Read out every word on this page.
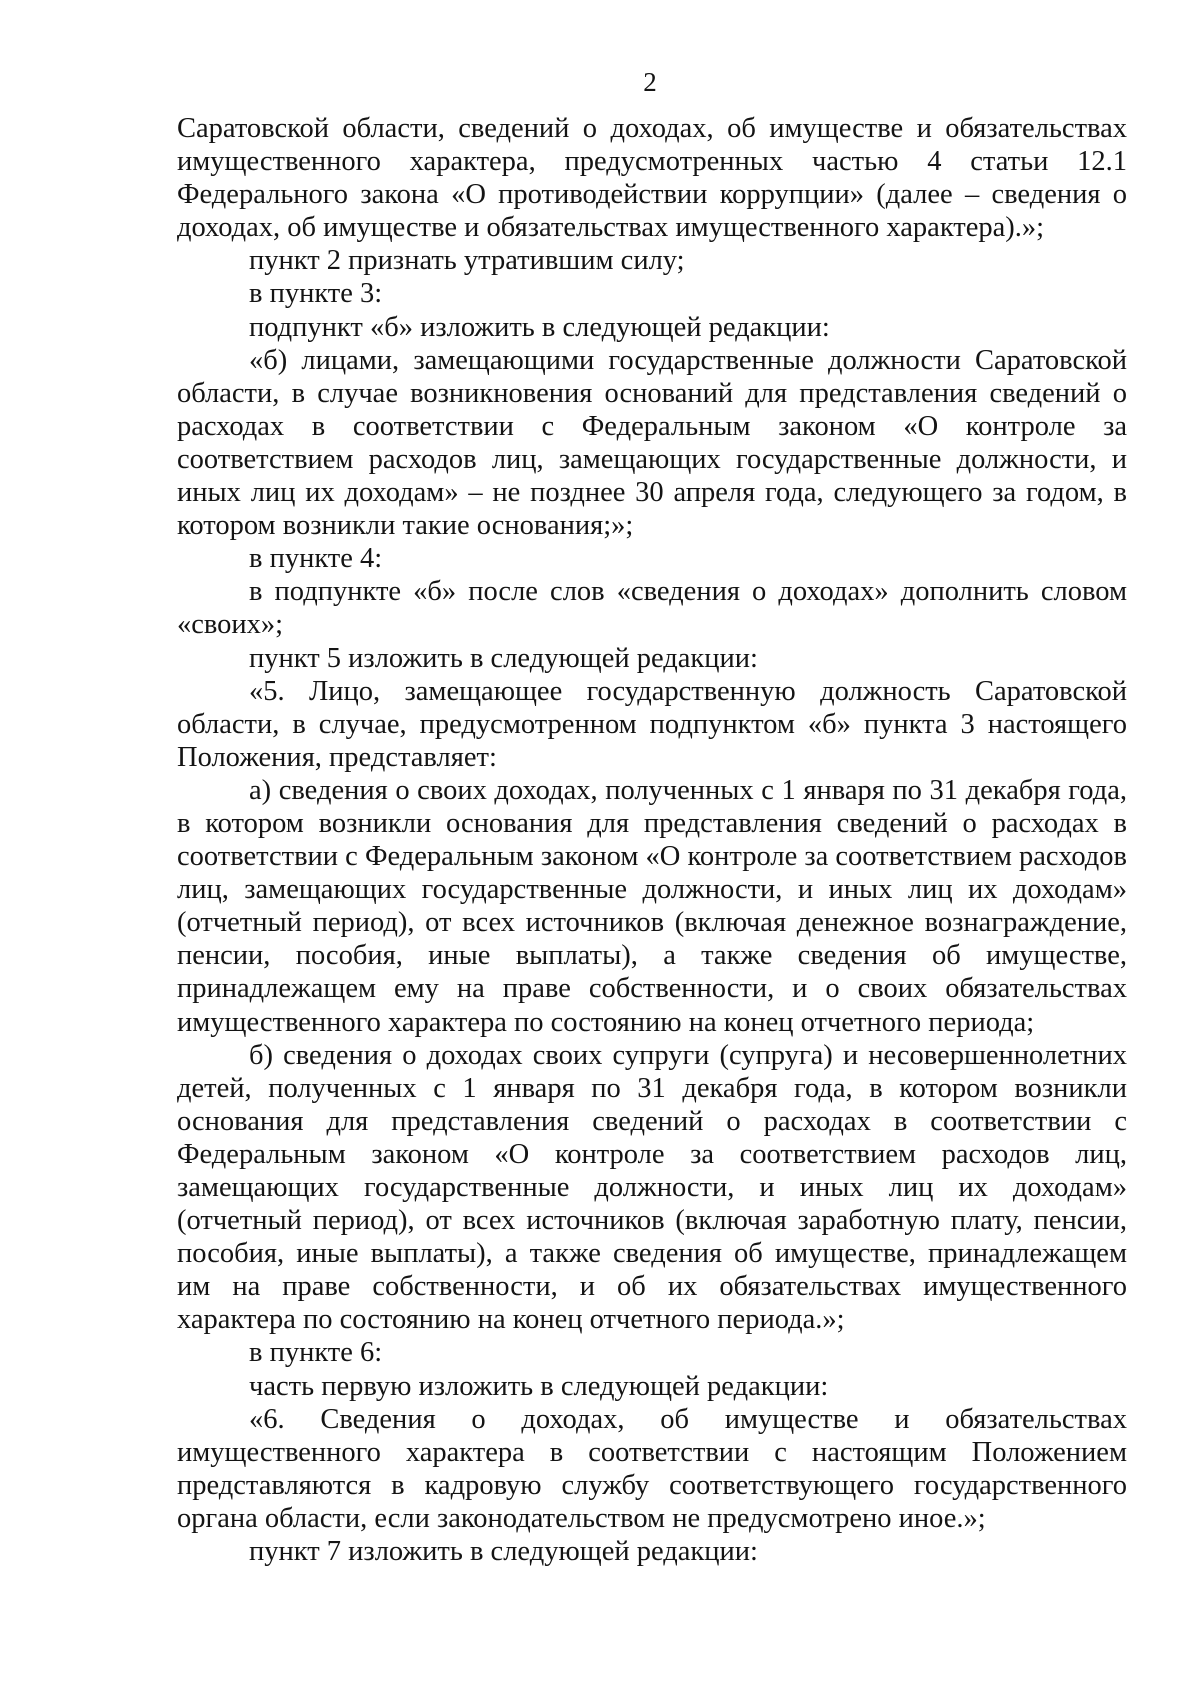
2

Саратовской области, сведений о доходах, об имуществе и обязательствах имущественного характера, предусмотренных частью 4 статьи 12.1 Федерального закона «О противодействии коррупции» (далее – сведения о доходах, об имуществе и обязательствах имущественного характера).»;

пункт 2 признать утратившим силу;

в пункте 3:

подпункт «б» изложить в следующей редакции:

«б) лицами, замещающими государственные должности Саратовской области, в случае возникновения оснований для представления сведений о расходах в соответствии с Федеральным законом «О контроле за соответствием расходов лиц, замещающих государственные должности, и иных лиц их доходам» – не позднее 30 апреля года, следующего за годом, в котором возникли такие основания;»;

в пункте 4:

в подпункте «б» после слов «сведения о доходах» дополнить словом «своих»;

пункт 5 изложить в следующей редакции:

«5. Лицо, замещающее государственную должность Саратовской области, в случае, предусмотренном подпунктом «б» пункта 3 настоящего Положения, представляет:

а) сведения о своих доходах, полученных с 1 января по 31 декабря года, в котором возникли основания для представления сведений о расходах в соответствии с Федеральным законом «О контроле за соответствием расходов лиц, замещающих государственные должности, и иных лиц их доходам» (отчетный период), от всех источников (включая денежное вознаграждение, пенсии, пособия, иные выплаты), а также сведения об имуществе, принадлежащем ему на праве собственности, и о своих обязательствах имущественного характера по состоянию на конец отчетного периода;

б) сведения о доходах своих супруги (супруга) и несовершеннолетних детей, полученных с 1 января по 31 декабря года, в котором возникли основания для представления сведений о расходах в соответствии с Федеральным законом «О контроле за соответствием расходов лиц, замещающих государственные должности, и иных лиц их доходам» (отчетный период), от всех источников (включая заработную плату, пенсии, пособия, иные выплаты), а также сведения об имуществе, принадлежащем им на праве собственности, и об их обязательствах имущественного характера по состоянию на конец отчетного периода.»;

в пункте 6:

часть первую изложить в следующей редакции:

«6. Сведения о доходах, об имуществе и обязательствах имущественного характера в соответствии с настоящим Положением представляются в кадровую службу соответствующего государственного органа области, если законодательством не предусмотрено иное.»;

пункт 7 изложить в следующей редакции:
